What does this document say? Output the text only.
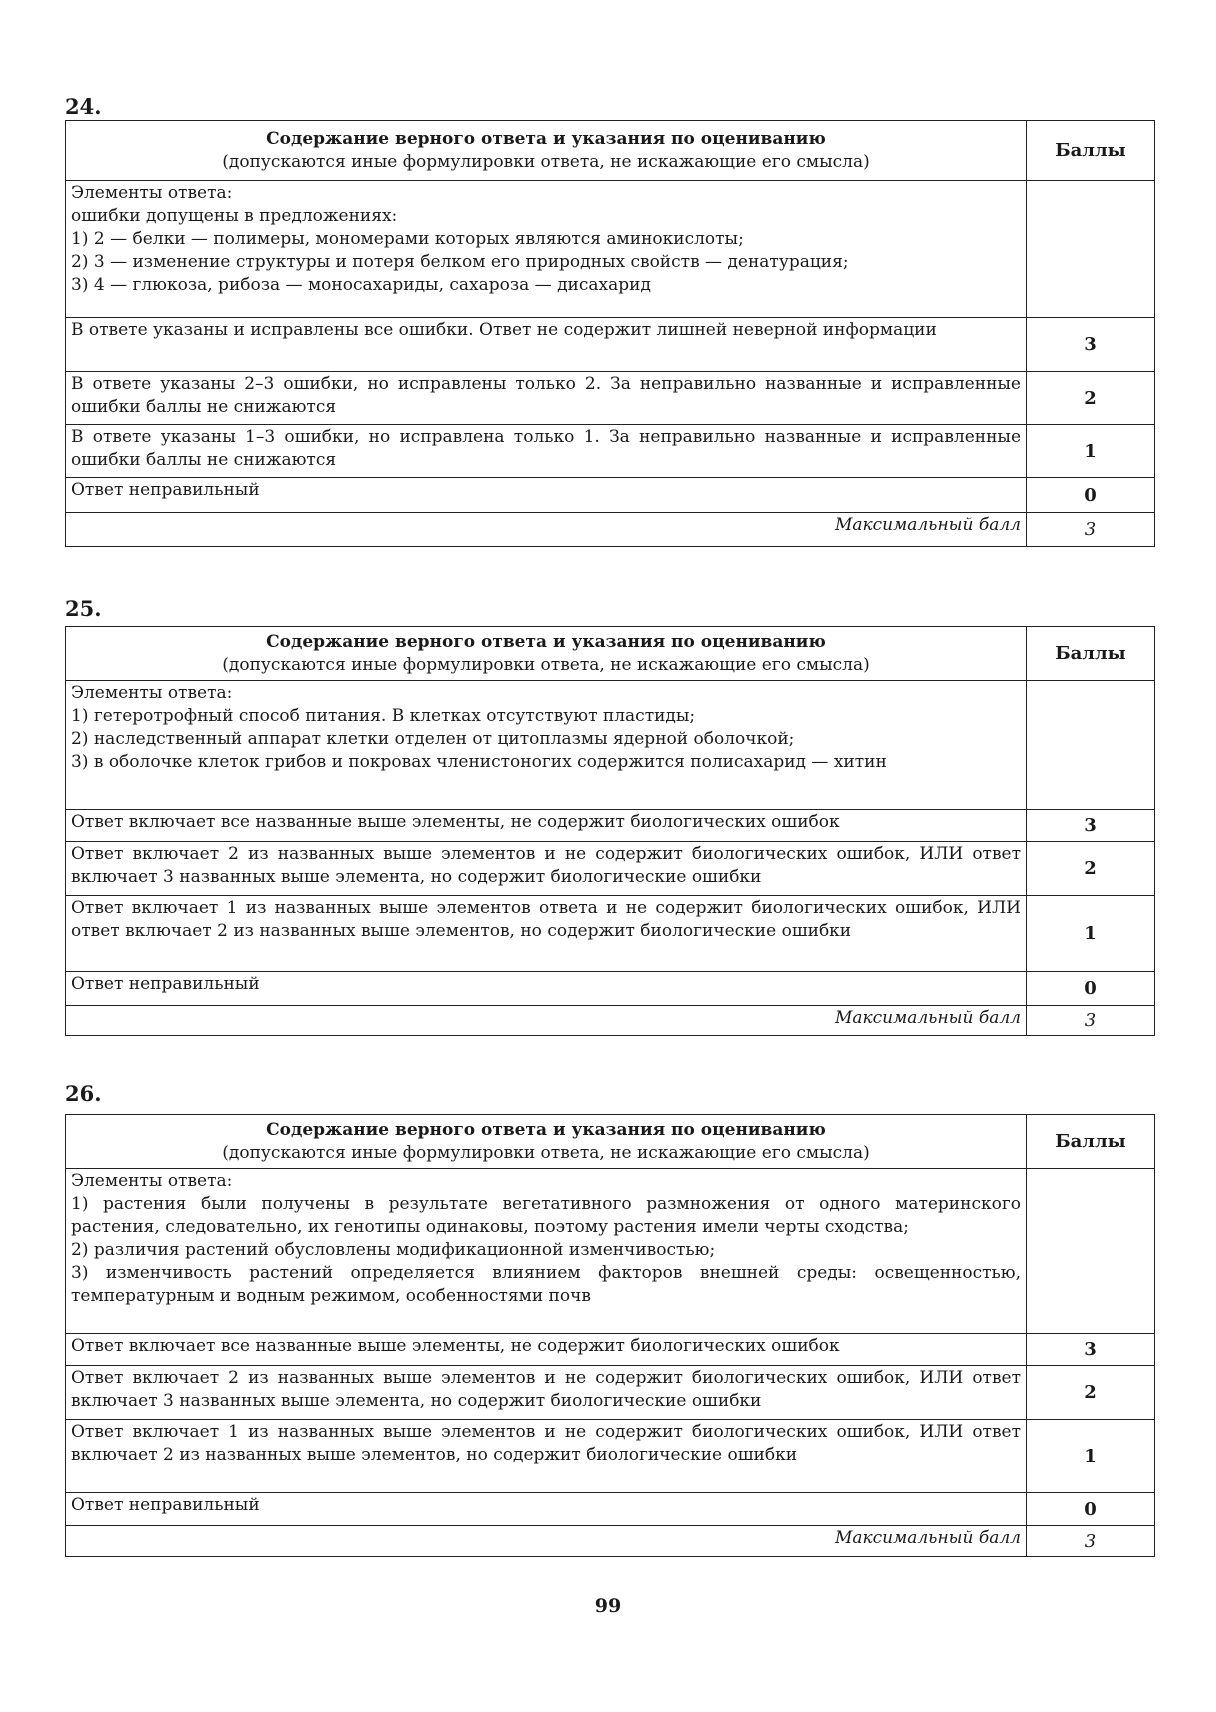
24.
Содержание верного ответа и указания по оцениванию
(допускаются иные формулировки ответа, не искажающие его смысла)	Баллы

Элементы ответа:
ошибки допущены в предложениях:
1) 2 — белки — полимеры, мономерами которых являются аминокислоты;
2) 3 — изменение структуры и потеря белком его природных свойств — денатурация;
3) 4 — глюкоза, рибоза — моносахариды, сахароза — дисахарид	

В ответе указаны и исправлены все ошибки. Ответ не содержит лишней неверной информации	3
В ответе указаны 2–3 ошибки, но исправлены только 2. За неправильно названные и исправленные ошибки баллы не снижаются	2
В ответе указаны 1–3 ошибки, но исправлена только 1. За неправильно названные и исправленные ошибки баллы не снижаются	1
Ответ неправильный	0
Максимальный балл	3
25.
Содержание верного ответа и указания по оцениванию
(допускаются иные формулировки ответа, не искажающие его смысла)	Баллы

Элементы ответа:
1) гетеротрофный способ питания. В клетках отсутствуют пластиды;
2) наследственный аппарат клетки отделен от цитоплазмы ядерной оболочкой;
3) в оболочке клеток грибов и покровах членистоногих содержится полисахарид — хитин	

Ответ включает все названные выше элементы, не содержит биологических ошибок	3
Ответ включает 2 из названных выше элементов и не содержит биологических ошибок, ИЛИ ответ включает 3 названных выше элемента, но содержит биологические ошибки	2
Ответ включает 1 из названных выше элементов ответа и не содержит биологических ошибок, ИЛИ ответ включает 2 из названных выше элементов, но содержит биологические ошибки	1
Ответ неправильный	0
Максимальный балл	3
26.
Содержание верного ответа и указания по оцениванию
(допускаются иные формулировки ответа, не искажающие его смысла)	Баллы

Элементы ответа:
1) растения были получены в результате вегетативного размножения от одного материнского растения, следовательно, их генотипы одинаковы, поэтому растения имели черты сходства;
2) различия растений обусловлены модификационной изменчивостью;
3) изменчивость растений определяется влиянием факторов внешней среды: освещенностью, температурным и водным режимом, особенностями почв	

Ответ включает все названные выше элементы, не содержит биологических ошибок	3
Ответ включает 2 из названных выше элементов и не содержит биологических ошибок, ИЛИ ответ включает 3 названных выше элемента, но содержит биологические ошибки	2
Ответ включает 1 из названных выше элементов и не содержит биологических ошибок, ИЛИ ответ включает 2 из названных выше элементов, но содержит биологические ошибки	1
Ответ неправильный	0
Максимальный балл	3
99
